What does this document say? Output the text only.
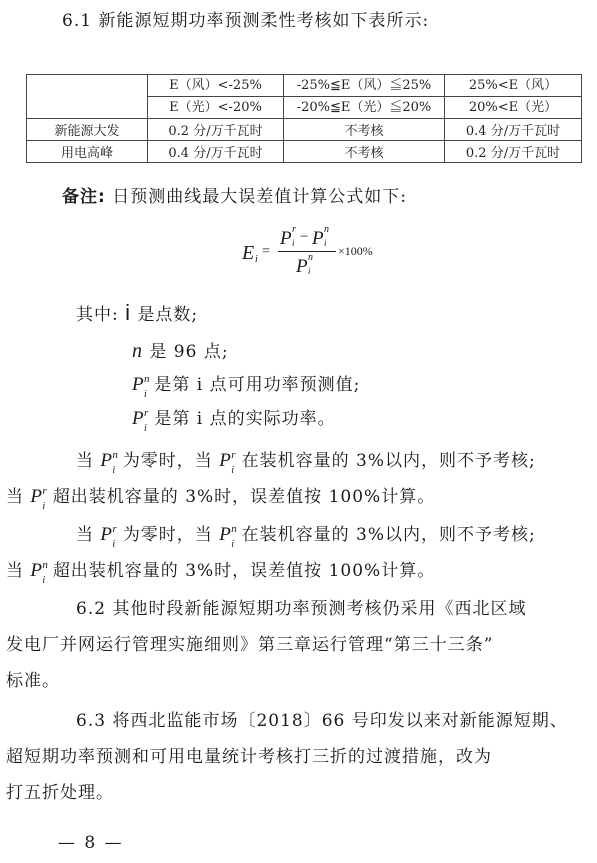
6.1 新能源短期功率预测柔性考核如下表所示:
	E（风）<-25%	-25%≦E（风）≦25%	25%<E（风）
	E（光）<-20%	-20%≦E（光）≦20%	20%<E（光）
新能源大发	0.2 分/万千瓦时	不考核	0.4 分/万千瓦时
用电高峰	0.4 分/万千瓦时	不考核	0.2 分/万千瓦时
备注: 日预测曲线最大误差值计算公式如下:
E i
=
P r
i − P n
i
P n
i
×100%
其中: i 是点数;
n 是 96 点;
P n
i 是第 i 点可用功率预测值;
P r
i 是第 i 点的实际功率。
当 P n
i 为零时，当 P r
i 在装机容量的 3%以内，则不予考核;
当 P r
i 超出装机容量的 3%时，误差值按 100%计算。
当 P r
i 为零时，当 P n
i 在装机容量的 3%以内，则不予考核;
当 P n
i 超出装机容量的 3%时，误差值按 100%计算。
6.2 其他时段新能源短期功率预测考核仍采用《西北区域
发电厂并网运行管理实施细则》第三章运行管理“第三十三条”
标准。
6.3 将西北监能市场〔2018〕66 号印发以来对新能源短期、
超短期功率预测和可用电量统计考核打三折的过渡措施，改为
打五折处理。
— 8 —
